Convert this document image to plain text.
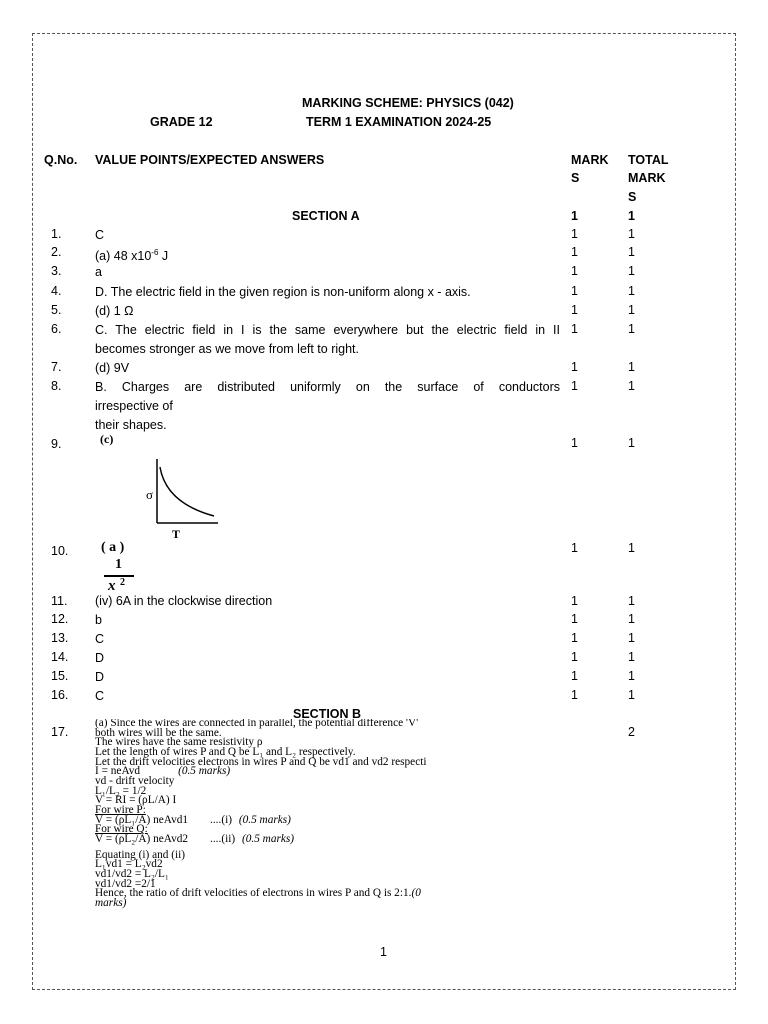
MARKING SCHEME: PHYSICS (042)
GRADE 12	TERM 1 EXAMINATION 2024-25
Q.No. VALUE POINTS/EXPECTED ANSWERS	MARK
S
TOTAL
MARK
S
SECTION A	1	1
1.	C	1	1
2.	(a) 48 $x10^{-6}$ J	1	1
3.	a	1	1
4.	D. The electric field in the given region is non-uniform along x - axis.	1	1
5.	(d) 1 Ω	1	1
6.	C. The electric field in I is the same everywhere but the electric field in II
becomes stronger as we move from left to right.
1	1
7.	(d) 9V	1	1
8.	B. Charges are distributed uniformly on the surface of conductors
irrespective of
their shapes.
1	1
9.	(c)
σ
T
1	1
10. ( a )
1
x 2
1	1
11. (iv) 6A in the clockwise direction	1	1
12. b	1	1
13. C	1	1
14. D	1	1
15. D	1	1
16. C	1	1
SECTION B
17.	2
(a) Since the wires are connected in parallel, the potential difference 'V'
both wires will be the same.
The wires have the same resistivity ρ
Let the length of wires P and Q be L₁ and L₂ respectively.
Let the drift velocities electrons in wires P and Q be vd1 and vd2 respecti
I = neAvd	(0.5 marks)
vd - drift velocity
L₁/L₂ = 1/2
V = RI = (ρL/A) I
For wire P:
V = (ρL₁/A) neAvd1 ....(i) (0.5 marks)
For wire Q:
V = (ρL₂/A) neAvd2 ....(ii) (0.5 marks)
Equating (i) and (ii)
L₁vd1 = L₂vd2
vd1/vd2 = L₂/L₁
vd1/vd2 =2/1
Hence, the ratio of drift velocities of electrons in wires P and Q is 2:1.(0
marks)
1
